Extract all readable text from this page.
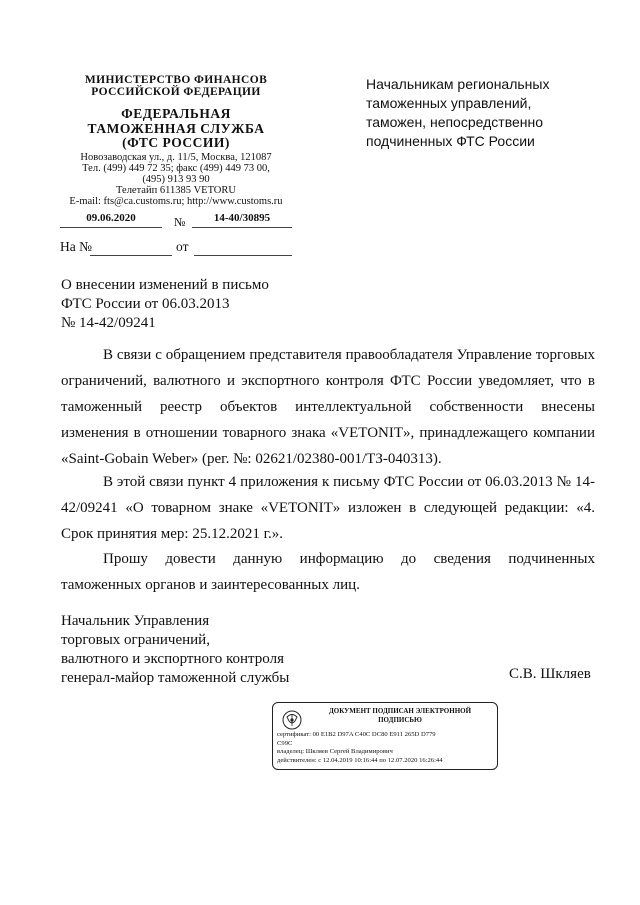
МИНИСТЕРСТВО ФИНАНСОВ
РОССИЙСКОЙ ФЕДЕРАЦИИ
ФЕДЕРАЛЬНАЯ
ТАМОЖЕННАЯ СЛУЖБА
(ФТС РОССИИ)
Новозаводская ул., д. 11/5, Москва, 121087
Тел. (499) 449 72 35; факс (499) 449 73 00,
(495) 913 93 90
Телетайп 611385 VETORU
E-mail: fts@ca.customs.ru; http://www.customs.ru
09.06.2020	№	14-40/30895
На №	от
Начальникам региональных
таможенных управлений,
таможен, непосредственно
подчиненных ФТС России
О внесении изменений в письмо
ФТС России от 06.03.2013
№ 14-42/09241

В связи с обращением представителя правообладателя Управление торговых ограничений, валютного и экспортного контроля ФТС России уведомляет, что в таможенный реестр объектов интеллектуальной собственности внесены изменения в отношении товарного знака «VETONIT», принадлежащего компании «Saint-Gobain Weber» (рег. №: 02621/02380-001/ТЗ-040313).

В этой связи пункт 4 приложения к письму ФТС России от 06.03.2013 № 14-42/09241 «О товарном знаке «VETONIT» изложен в следующей редакции: «4. Срок принятия мер: 25.12.2021 г.».

Прошу довести данную информацию до сведения подчиненных таможенных органов и заинтересованных лиц.

Начальник Управления
торговых ограничений,
валютного и экспортного контроля
генерал-майор таможенной службы	С.В. Шкляев
ДОКУМЕНТ ПОДПИСАН ЭЛЕКТРОННОЙ
ПОДПИСЬЮ
сертификат: 00 E1B2 D97A C40C DC80 E911 265D D779
C99C
владелец: Шкляев Сергей Владимирович
действителен: с 12.04.2019 10:16:44 по 12.07.2020 16:26:44
